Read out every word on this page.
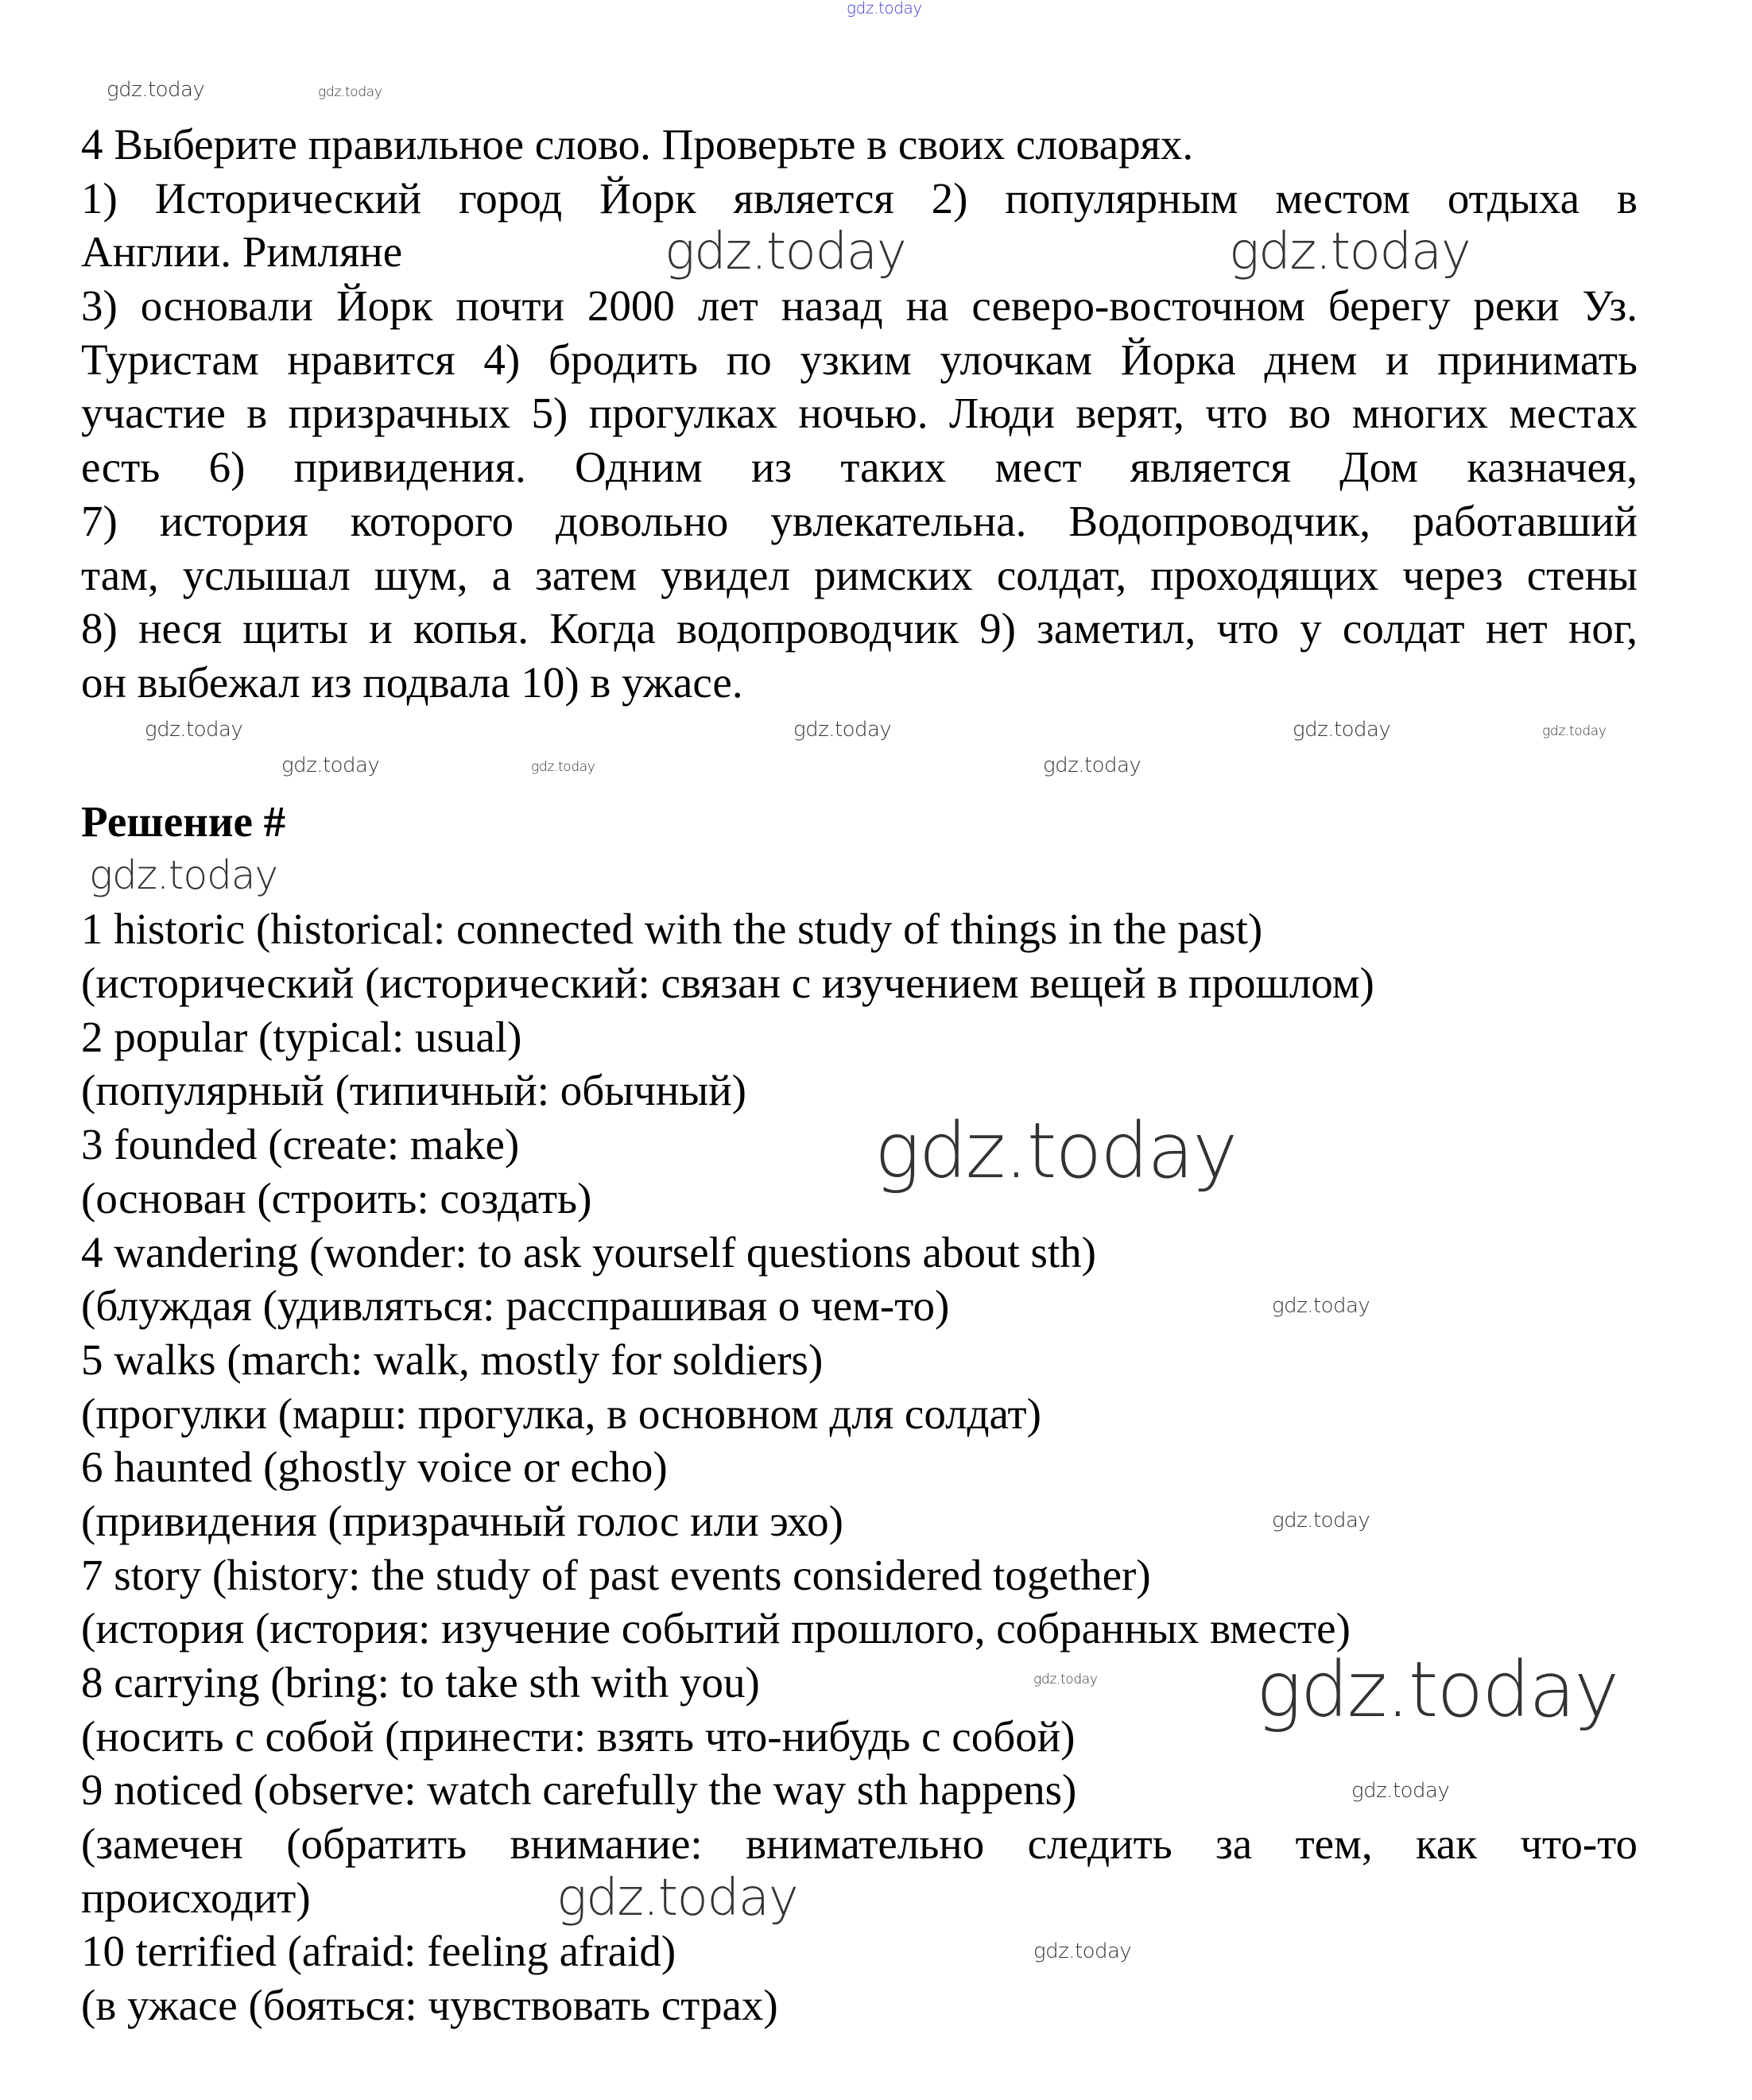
4 Выберите правильное слово. Проверьте в своих словарях.
1) Исторический город Йорк является 2) популярным местом отдыха в
Англии. Римляне
3) основали Йорк почти 2000 лет назад на северо-восточном берегу реки Уз.
Туристам нравится 4) бродить по узким улочкам Йорка днем и принимать
участие в призрачных 5) прогулках ночью. Люди верят, что во многих местах
есть 6) привидения. Одним из таких мест является Дом казначея,
7) история которого довольно увлекательна. Водопроводчик, работавший
там, услышал шум, а затем увидел римских солдат, проходящих через стены
8) неся щиты и копья. Когда водопроводчик 9) заметил, что у солдат нет ног,
он выбежал из подвала 10) в ужасе.
Решение #
1 historic (historical: connected with the study of things in the past)
(исторический (исторический: связан с изучением вещей в прошлом)
2 popular (typical: usual)
(популярный (типичный: обычный)
3 founded (create: make)
(основан (строить: создать)
4 wandering (wonder: to ask yourself questions about sth)
(блуждая (удивляться: расспрашивая о чем-то)
5 walks (march: walk, mostly for soldiers)
(прогулки (марш: прогулка, в основном для солдат)
6 haunted (ghostly voice or echo)
(привидения (призрачный голос или эхо)
7 story (history: the study of past events considered together)
(история (история: изучение событий прошлого, собранных вместе)
8 carrying (bring: to take sth with you)
(носить с собой (принести: взять что-нибудь с собой)
9 noticed (observe: watch carefully the way sth happens)
(замечен (обратить внимание: внимательно следить за тем, как что-то
происходит)
10 terrified (afraid: feeling afraid)
(в ужасе (бояться: чувствовать страх)
gdz.today
gdz.today	gdz.today
gdz.today	gdz.today
gdz.today
gdz.today
gdz.today	gdz.today
gdz.today
gdz.today
gdz.today
gdz.today
gdz.today
gdz.today
gdz.today
gdz.today gdz.today
gdz.today
gdz.today
gdz.today
